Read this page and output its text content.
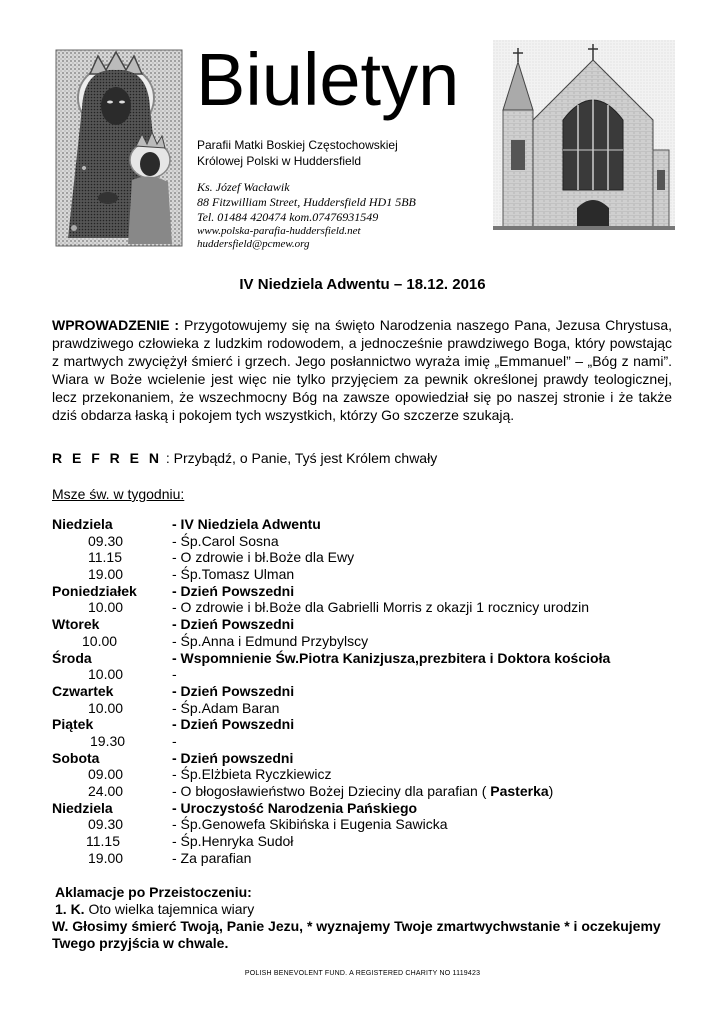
Biuletyn
Parafii Matki Boskiej Częstochowskiej
Królowej Polski w Huddersfield
Ks. Józef Wacławik
88 Fitzwilliam Street, Huddersfield HD1 5BB
Tel. 01484 420474 kom.07476931549
www.polska-parafia-huddersfield.net
huddersfield@pcmew.org
IV Niedziela Adwentu – 18.12. 2016
WPROWADZENIE : Przygotowujemy się na święto Narodzenia naszego Pana, Jezusa Chrystusa, prawdziwego człowieka z ludzkim rodowodem, a jednocześnie prawdziwego Boga, który powstając z martwych zwyciężył śmierć i grzech. Jego posłannictwo wyraża imię „Emmanuel” – „Bóg z nami”. Wiara w Boże wcielenie jest więc nie tylko przyjęciem za pewnik określonej prawdy teologicznej, lecz przekonaniem, że wszechmocny Bóg na zawsze opowiedział się po naszej stronie i że także dziś obdarza łaską i pokojem tych wszystkich, którzy Go szczerze szukają.
R E F R E N : Przybądź, o Panie, Tyś jest Królem chwały
Msze św. w tygodniu:
Niedziela	- IV Niedziela Adwentu
09.30	- Śp.Carol Sosna
11.15	- O zdrowie i bł.Boże dla Ewy
19.00	- Śp.Tomasz Ulman
Poniedziałek	- Dzień Powszedni
10.00	- O zdrowie i bł.Boże dla Gabrielli Morris z okazji 1 rocznicy urodzin
Wtorek	- Dzień Powszedni
10.00	- Śp.Anna i Edmund Przybylscy
Środa	- Wspomnienie Św.Piotra Kanizjusza,prezbitera i Doktora kościoła
10.00	-
Czwartek	- Dzień Powszedni
10.00	- Śp.Adam Baran
Piątek	- Dzień Powszedni
19.30	-
Sobota	- Dzień powszedni
09.00	- Śp.Elżbieta Ryczkiewicz
24.00	- O błogosławieństwo Bożej Dzieciny dla parafian ( Pasterka)
Niedziela	- Uroczystość Narodzenia Pańskiego
09.30	- Śp.Genowefa Skibińska i Eugenia Sawicka
11.15	- Śp.Henryka Sudoł
19.00	- Za parafian
Aklamacje po Przeistoczeniu:
1. K. Oto wielka tajemnica wiary
W. Głosimy śmierć Twoją, Panie Jezu, * wyznajemy Twoje zmartwychwstanie * i oczekujemy Twego przyjścia w chwale.
POLISH BENEVOLENT FUND. A REGISTERED CHARITY NO 1119423
